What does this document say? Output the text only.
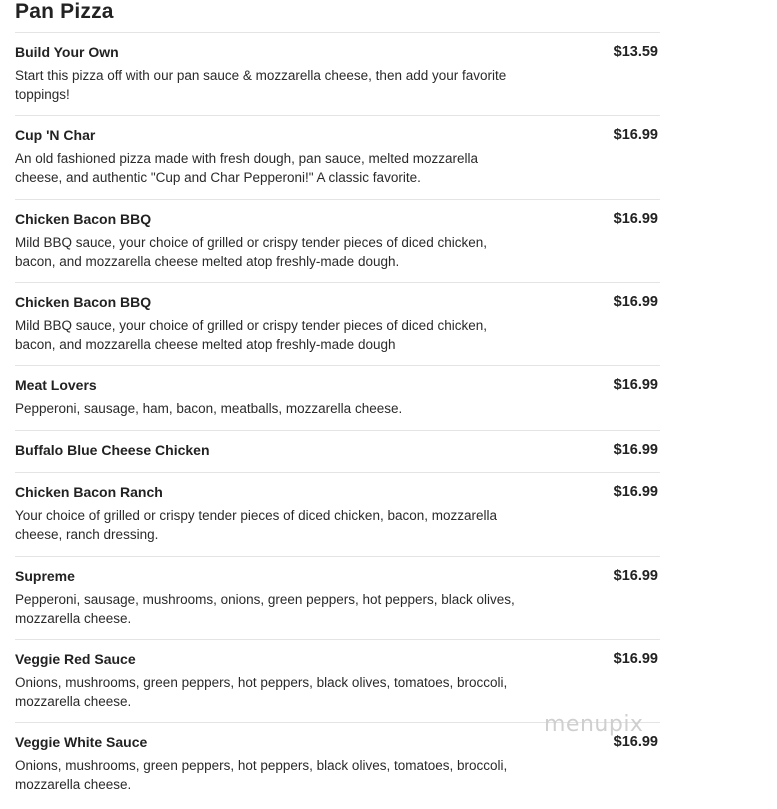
Pan Pizza
Build Your Own	$13.59
Start this pizza off with our pan sauce & mozzarella cheese, then add your favorite toppings!
Cup 'N Char	$16.99
An old fashioned pizza made with fresh dough, pan sauce, melted mozzarella cheese, and authentic "Cup and Char Pepperoni!" A classic favorite.
Chicken Bacon BBQ	$16.99
Mild BBQ sauce, your choice of grilled or crispy tender pieces of diced chicken, bacon, and mozzarella cheese melted atop freshly-made dough.
Chicken Bacon BBQ	$16.99
Mild BBQ sauce, your choice of grilled or crispy tender pieces of diced chicken, bacon, and mozzarella cheese melted atop freshly-made dough
Meat Lovers	$16.99
Pepperoni, sausage, ham, bacon, meatballs, mozzarella cheese.
Buffalo Blue Cheese Chicken	$16.99
Chicken Bacon Ranch	$16.99
Your choice of grilled or crispy tender pieces of diced chicken, bacon, mozzarella cheese, ranch dressing.
Supreme	$16.99
Pepperoni, sausage, mushrooms, onions, green peppers, hot peppers, black olives, mozzarella cheese.
Veggie Red Sauce	$16.99
Onions, mushrooms, green peppers, hot peppers, black olives, tomatoes, broccoli, mozzarella cheese.
Veggie White Sauce	$16.99
Onions, mushrooms, green peppers, hot peppers, black olives, tomatoes, broccoli, mozzarella cheese.
menupix
